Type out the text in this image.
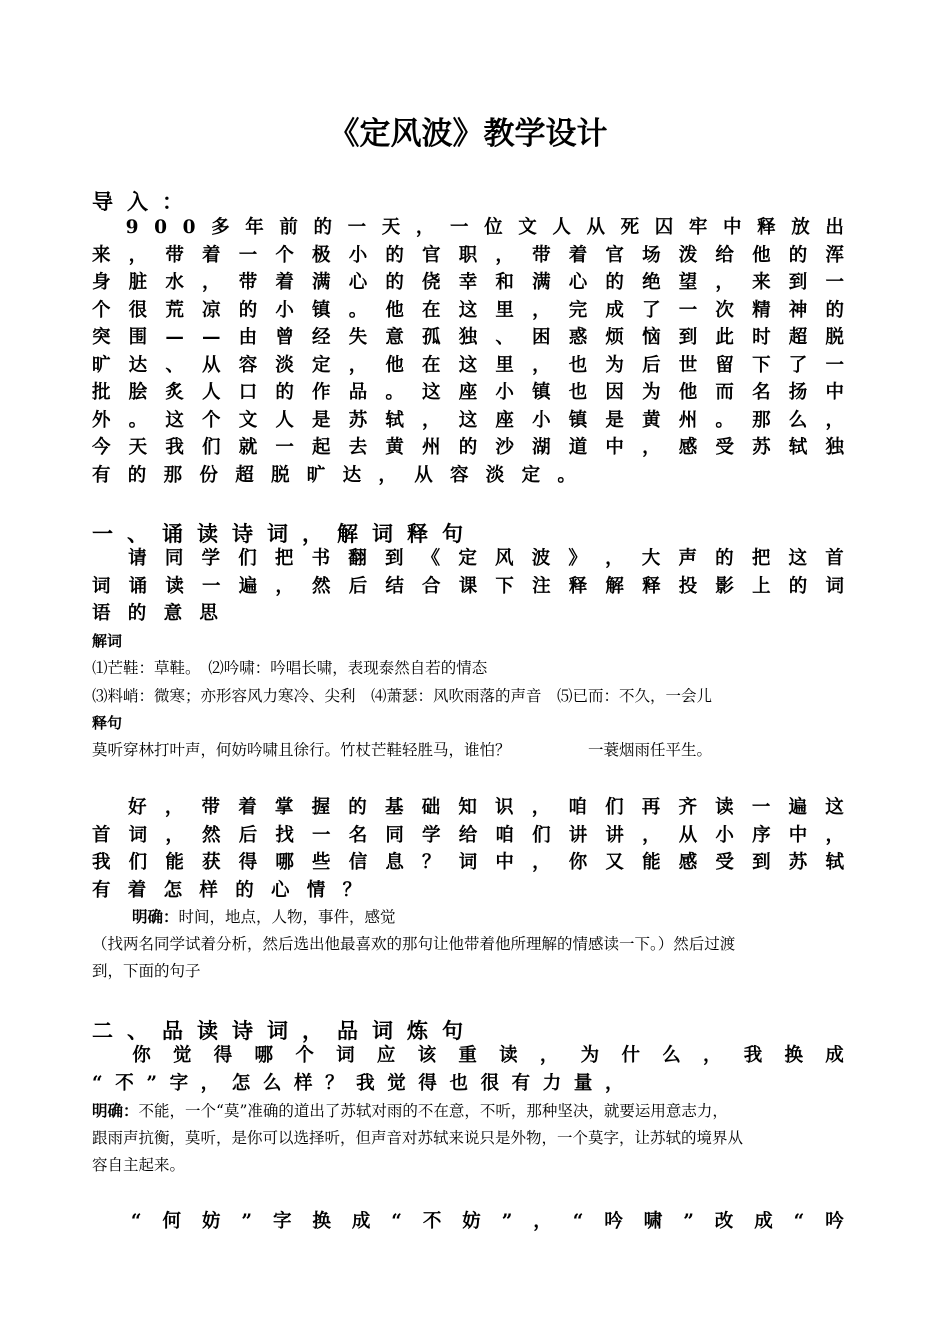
《定风波》教学设计
导入：

9 0 0 多 年 前 的 一 天 ， 一 位 文 人 从 死 囚 牢 中 释 放 出
来 ， 带 着 一 个 极 小 的 官 职 ， 带 着 官 场 泼 给 他 的 浑
身 脏 水 ， 带 着 满 心 的 侥 幸 和 满 心 的 绝 望 ， 来 到 一
个 很 荒 凉 的 小 镇 。 他 在 这 里 ， 完 成 了 一 次 精 神 的
突 围 — — 由 曾 经 失 意 孤 独 、 困 惑 烦 恼 到 此 时 超 脱
旷 达 、 从 容 淡 定 ， 他 在 这 里 ， 也 为 后 世 留 下 了 一
批 脍 炙 人 口 的 作 品 。 这 座 小 镇 也 因 为 他 而 名 扬 中
外 。 这 个 文 人 是 苏 轼 ， 这 座 小 镇 是 黄 州 。 那 么 ，
今 天 我 们 就 一 起 去 黄 州 的 沙 湖 道 中 ， 感 受 苏 轼 独
有的那份超脱旷达，从容淡定。
一、诵读诗词，解词释句

请 同 学 们 把 书 翻 到 《 定 风 波 》 ， 大 声 的 把 这 首
词 诵 读 一 遍 ， 然 后 结 合 课 下 注 释 解 释 投 影 上 的 词
语的意思
解词
⑴芒鞋：草鞋。　⑵吟啸：吟唱长啸，表现泰然自若的情态
⑶料峭：微寒；亦形容风力寒冷、尖利　⑷萧瑟：风吹雨落的声音　⑸已而：不久，一会儿
释句
莫听穿林打叶声，何妨吟啸且徐行。竹杖芒鞋轻胜马，谁怕？　　　　　一蓑烟雨任平生。

好 ， 带 着 掌 握 的 基 础 知 识 ， 咱 们 再 齐 读 一 遍 这
首 词 ， 然 后 找 一 名 同 学 给 咱 们 讲 讲 ， 从 小 序 中 ，
我 们 能 获 得 哪 些 信 息 ？ 词 中 ， 你 又 能 感 受 到 苏 轼
有着怎样的心情？
明确：时间，地点，人物，事件，感觉
（找两名同学试着分析，然后选出他最喜欢的那句让他带着他所理解的情感读一下。）然后过渡
到，下面的句子
二、品读诗词，品词炼句

你 觉 得 哪 个 词 应 该 重 读 ， 为 什 么 ， 我 换 成
“不”字，怎么样？我觉得也很有力量，
明确：不能，一个“莫”准确的道出了苏轼对雨的不在意，不听，那种坚决，就要运用意志力，
跟雨声抗衡，莫听，是你可以选择听，但声音对苏轼来说只是外物，一个莫字，让苏轼的境界从
容自主起来。

“ 何 妨 ” 字 换 成 “ 不 妨 ” ， “ 吟 啸 ” 改 成 “ 吟
